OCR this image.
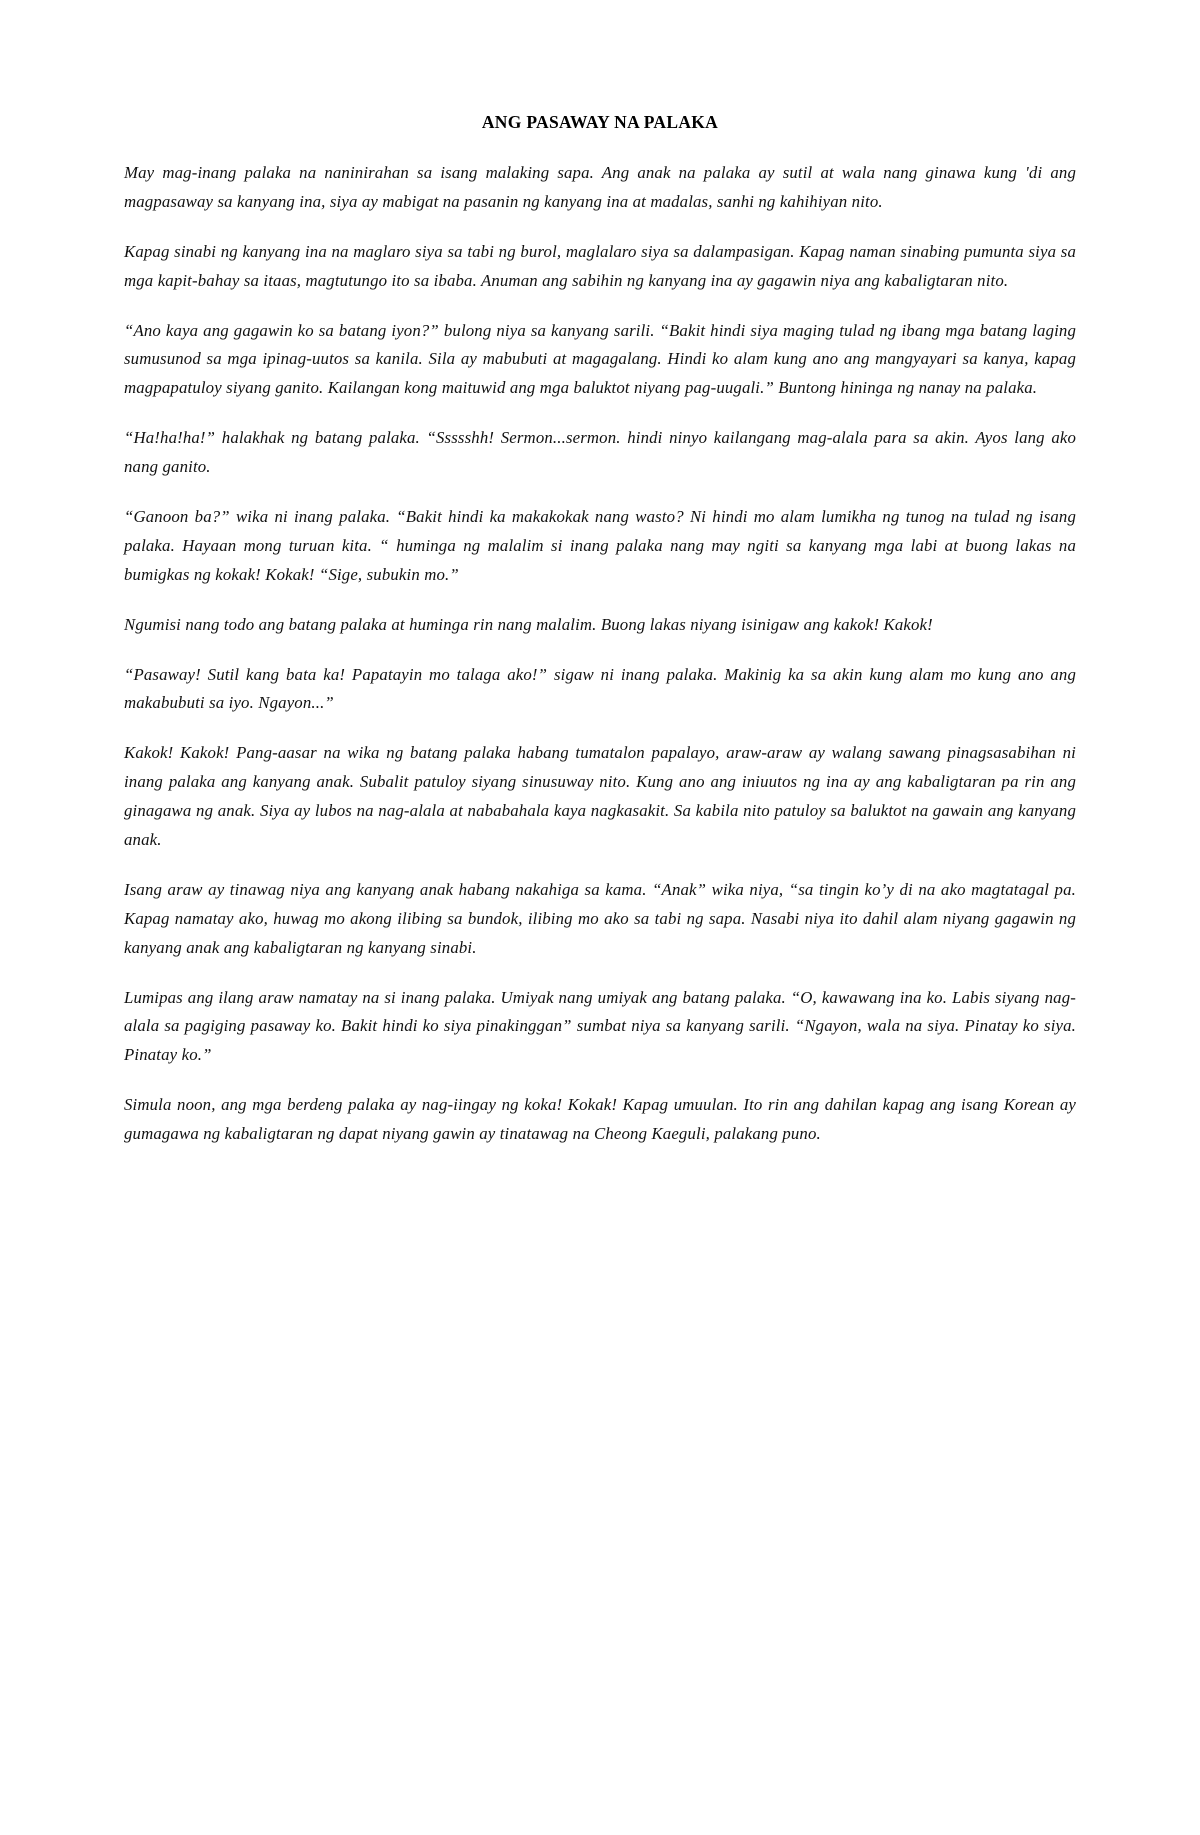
ANG PASAWAY NA PALAKA

May mag-inang palaka na naninirahan sa isang malaking sapa. Ang anak na palaka ay sutil at wala nang ginawa kung 'di ang magpasaway sa kanyang ina, siya ay mabigat na pasanin ng kanyang ina at madalas, sanhi ng kahihiyan nito.

Kapag sinabi ng kanyang ina na maglaro siya sa tabi ng burol, maglalaro siya sa dalampasigan. Kapag naman sinabing pumunta siya sa mga kapit-bahay sa itaas, magtutungo ito sa ibaba. Anuman ang sabihin ng kanyang ina ay gagawin niya ang kabaligtaran nito.

“Ano kaya ang gagawin ko sa batang iyon?” bulong niya sa kanyang sarili. “Bakit hindi siya maging tulad ng ibang mga batang laging sumusunod sa mga ipinag-uutos sa kanila. Sila ay mabubuti at magagalang. Hindi ko alam kung ano ang mangyayari sa kanya, kapag magpapatuloy siyang ganito. Kailangan kong maituwid ang mga baluktot niyang pag-uugali.” Buntong hininga ng nanay na palaka.

“Ha!ha!ha!” halakhak ng batang palaka. “Ssssshh! Sermon...sermon. hindi ninyo kailangang mag-alala para sa akin. Ayos lang ako nang ganito.

“Ganoon ba?” wika ni inang palaka. “Bakit hindi ka makakokak nang wasto? Ni hindi mo alam lumikha ng tunog na tulad ng isang palaka. Hayaan mong turuan kita. “ huminga ng malalim si inang palaka nang may ngiti sa kanyang mga labi at buong lakas na bumigkas ng kokak! Kokak! “Sige, subukin mo.”

Ngumisi nang todo ang batang palaka at huminga rin nang malalim. Buong lakas niyang isinigaw ang kakok! Kakok!

“Pasaway! Sutil kang bata ka! Papatayin mo talaga ako!” sigaw ni inang palaka. Makinig ka sa akin kung alam mo kung ano ang makabubuti sa iyo. Ngayon...”

Kakok! Kakok! Pang-aasar na wika ng batang palaka habang tumatalon papalayo, araw-araw ay walang sawang pinagsasabihan ni inang palaka ang kanyang anak. Subalit patuloy siyang sinusuway nito. Kung ano ang iniuutos ng ina ay ang kabaligtaran pa rin ang ginagawa ng anak. Siya ay lubos na nag-alala at nababahala kaya nagkasakit. Sa kabila nito patuloy sa baluktot na gawain ang kanyang anak.

Isang araw ay tinawag niya ang kanyang anak habang nakahiga sa kama. “Anak” wika niya, “sa tingin ko’y di na ako magtatagal pa. Kapag namatay ako, huwag mo akong ilibing sa bundok, ilibing mo ako sa tabi ng sapa. Nasabi niya ito dahil alam niyang gagawin ng kanyang anak ang kabaligtaran ng kanyang sinabi.

Lumipas ang ilang araw namatay na si inang palaka. Umiyak nang umiyak ang batang palaka. “O, kawawang ina ko. Labis siyang nag-alala sa pagiging pasaway ko. Bakit hindi ko siya pinakinggan” sumbat niya sa kanyang sarili. “Ngayon, wala na siya. Pinatay ko siya. Pinatay ko.”

Simula noon, ang mga berdeng palaka ay nag-iingay ng koka! Kokak! Kapag umuulan. Ito rin ang dahilan kapag ang isang Korean ay gumagawa ng kabaligtaran ng dapat niyang gawin ay tinatawag na Cheong Kaeguli, palakang puno.
